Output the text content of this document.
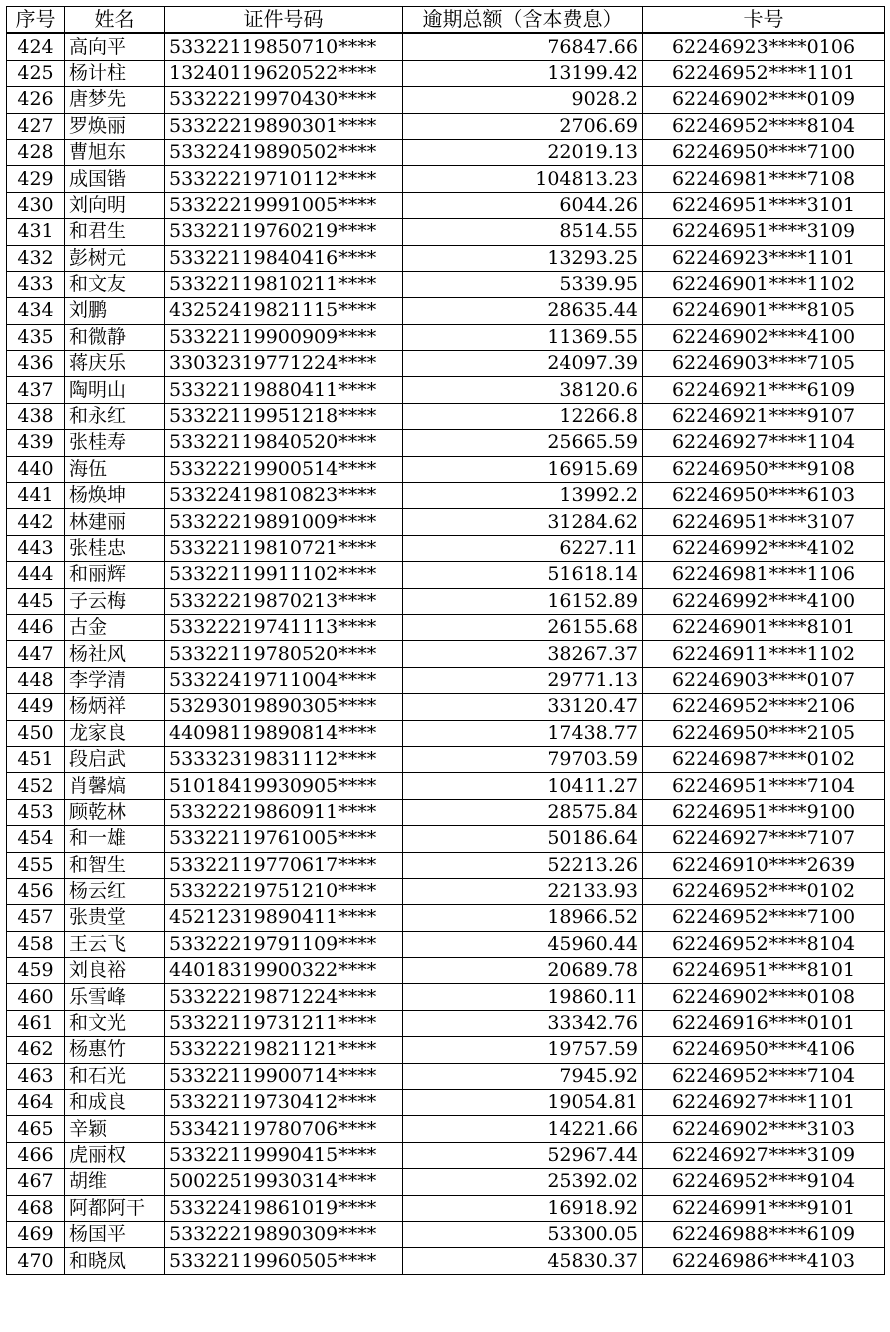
序号	姓名	证件号码	逾期总额（含本费息）	卡号
424	高向平	53322119850710****	76847.66	62246923****0106
425	杨计柱	13240119620522****	13199.42	62246952****1101
426	唐梦先	53322219970430****	9028.2	62246902****0109
427	罗焕丽	53322219890301****	2706.69	62246952****8104
428	曹旭东	53322419890502****	22019.13	62246950****7100
429	成国锴	53322219710112****	104813.23	62246981****7108
430	刘向明	53322219991005****	6044.26	62246951****3101
431	和君生	53322119760219****	8514.55	62246951****3109
432	彭树元	53322119840416****	13293.25	62246923****1101
433	和文友	53322119810211****	5339.95	62246901****1102
434	刘鹏	43252419821115****	28635.44	62246901****8105
435	和微静	53322119900909****	11369.55	62246902****4100
436	蒋庆乐	33032319771224****	24097.39	62246903****7105
437	陶明山	53322119880411****	38120.6	62246921****6109
438	和永红	53322119951218****	12266.8	62246921****9107
439	张桂寿	53322119840520****	25665.59	62246927****1104
440	海伍	53322219900514****	16915.69	62246950****9108
441	杨焕坤	53322419810823****	13992.2	62246950****6103
442	林建丽	53322219891009****	31284.62	62246951****3107
443	张桂忠	53322119810721****	6227.11	62246992****4102
444	和丽辉	53322119911102****	51618.14	62246981****1106
445	子云梅	53322219870213****	16152.89	62246992****4100
446	古金	53322219741113****	26155.68	62246901****8101
447	杨社风	53322119780520****	38267.37	62246911****1102
448	李学清	53322419711004****	29771.13	62246903****0107
449	杨炳祥	53293019890305****	33120.47	62246952****2106
450	龙家良	44098119890814****	17438.77	62246950****2105
451	段启武	53332319831112****	79703.59	62246987****0102
452	肖馨熇	51018419930905****	10411.27	62246951****7104
453	顾乾林	53322219860911****	28575.84	62246951****9100
454	和一雄	53322119761005****	50186.64	62246927****7107
455	和智生	53322119770617****	52213.26	62246910****2639
456	杨云红	53322219751210****	22133.93	62246952****0102
457	张贵堂	45212319890411****	18966.52	62246952****7100
458	王云飞	53322219791109****	45960.44	62246952****8104
459	刘良裕	44018319900322****	20689.78	62246951****8101
460	乐雪峰	53322219871224****	19860.11	62246902****0108
461	和文光	53322119731211****	33342.76	62246916****0101
462	杨惠竹	53322219821121****	19757.59	62246950****4106
463	和石光	53322119900714****	7945.92	62246952****7104
464	和成良	53322119730412****	19054.81	62246927****1101
465	辛颖	53342119780706****	14221.66	62246902****3103
466	虎丽权	53322119990415****	52967.44	62246927****3109
467	胡维	50022519930314****	25392.02	62246952****9104
468	阿都阿干	53322419861019****	16918.92	62246991****9101
469	杨国平	53322219890309****	53300.05	62246988****6109
470	和晓凤	53322119960505****	45830.37	62246986****4103
